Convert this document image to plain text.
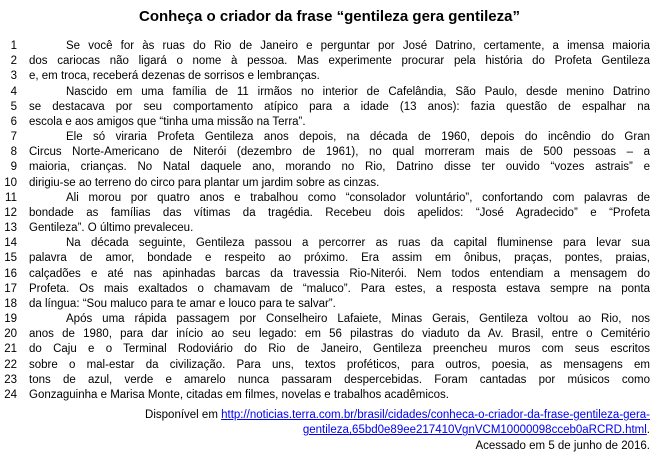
Conheça o criador da frase “gentileza gera gentileza”
1	Se você for às ruas do Rio de Janeiro e perguntar por José Datrino, certamente, a imensa maioria
2 dos cariocas não ligará o nome à pessoa. Mas experimente procurar pela história do Profeta Gentileza
3 e, em troca, receberá dezenas de sorrisos e lembranças.
4	Nascido em uma família de 11 irmãos no interior de Cafelândia, São Paulo, desde menino Datrino
5 se destacava por seu comportamento atípico para a idade (13 anos): fazia questão de espalhar na
6 escola e aos amigos que “tinha uma missão na Terra”.
7	Ele só viraria Profeta Gentileza anos depois, na década de 1960, depois do incêndio do Gran
8 Circus Norte-Americano de Niterói (dezembro de 1961), no qual morreram mais de 500 pessoas – a
9 maioria, crianças. No Natal daquele ano, morando no Rio, Datrino disse ter ouvido “vozes astrais” e
10 dirigiu-se ao terreno do circo para plantar um jardim sobre as cinzas.
11	Ali morou por quatro anos e trabalhou como “consolador voluntário”, confortando com palavras de
12 bondade as famílias das vítimas da tragédia. Recebeu dois apelidos: “José Agradecido” e “Profeta
13 Gentileza”. O último prevaleceu.
14	Na década seguinte, Gentileza passou a percorrer as ruas da capital fluminense para levar sua
15 palavra de amor, bondade e respeito ao próximo. Era assim em ônibus, praças, pontes, praias,
16 calçadões e até nas apinhadas barcas da travessia Rio-Niterói. Nem todos entendiam a mensagem do
17 Profeta. Os mais exaltados o chamavam de “maluco”. Para estes, a resposta estava sempre na ponta
18 da língua: “Sou maluco para te amar e louco para te salvar”.
19	Após uma rápida passagem por Conselheiro Lafaiete, Minas Gerais, Gentileza voltou ao Rio, nos
20 anos de 1980, para dar início ao seu legado: em 56 pilastras do viaduto da Av. Brasil, entre o Cemitério
21 do Caju e o Terminal Rodoviário do Rio de Janeiro, Gentileza preencheu muros com seus escritos
22 sobre o mal-estar da civilização. Para uns, textos proféticos, para outros, poesia, as mensagens em
23 tons de azul, verde e amarelo nunca passaram despercebidas. Foram cantadas por músicos como
24 Gonzaguinha e Marisa Monte, citadas em filmes, novelas e trabalhos acadêmicos.
Disponível em http://noticias.terra.com.br/brasil/cidades/conheca-o-criador-da-frase-gentileza-gera-
gentileza,65bd0e89ee217410VgnVCM10000098cceb0aRCRD.html.
Acessado em 5 de junho de 2016.
